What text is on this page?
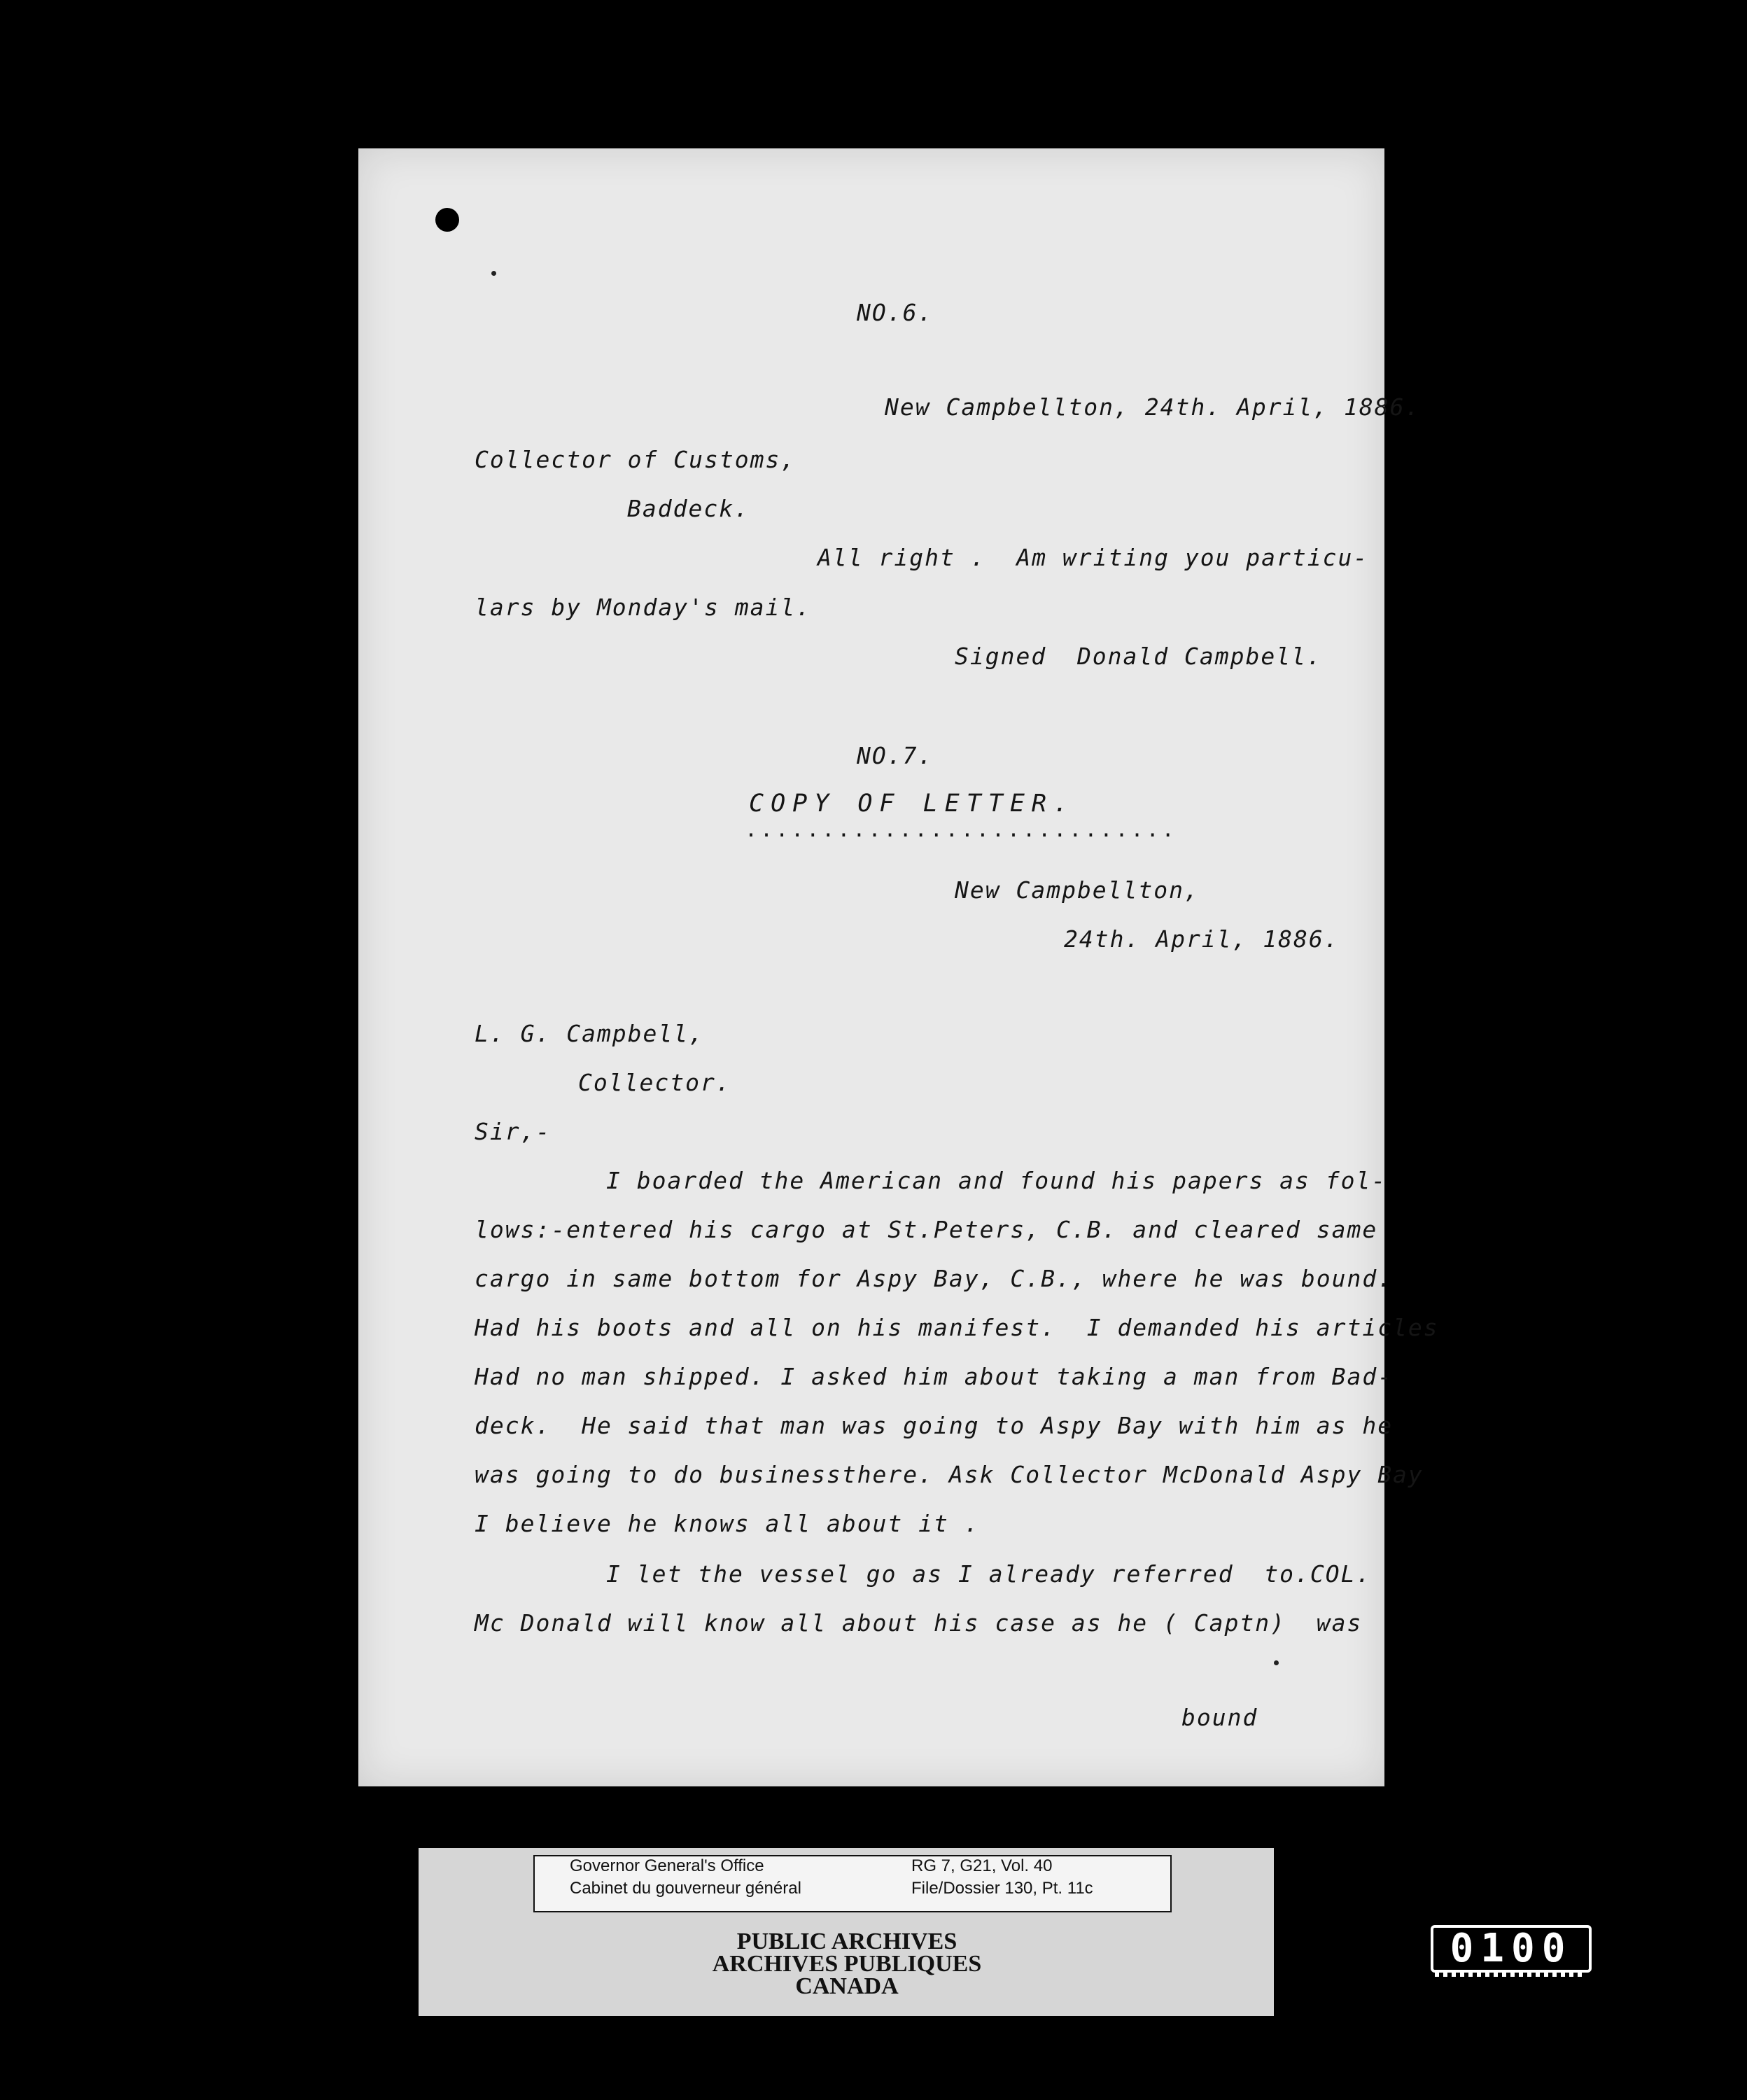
NO.6.
New Campbellton, 24th. April, 1886.
Collector of Customs,
Baddeck.
All right .  Am writing you particu-
lars by Monday's mail.
Signed  Donald Campbell.
NO.7.
COPY OF LETTER.
............................
New Campbellton,
24th. April, 1886.
L. G. Campbell,
Collector.
Sir,-
I boarded the American and found his papers as fol-
lows:-entered his cargo at St.Peters, C.B. and cleared same
cargo in same bottom for Aspy Bay, C.B., where he was bound.
Had his boots and all on his manifest.  I demanded his articles
Had no man shipped. I asked him about taking a man from Bad-
deck.  He said that man was going to Aspy Bay with him as he
was going to do businessthere. Ask Collector McDonald Aspy Bay
I believe he knows all about it .
I let the vessel go as I already referred  to.COL.
Mc Donald will know all about his case as he ( Captn)  was
bound
Governor General's Office
Cabinet du gouverneur général
RG 7, G21, Vol. 40
File/Dossier 130, Pt. 11c
PUBLIC ARCHIVES
ARCHIVES PUBLIQUES
CANADA
0100
